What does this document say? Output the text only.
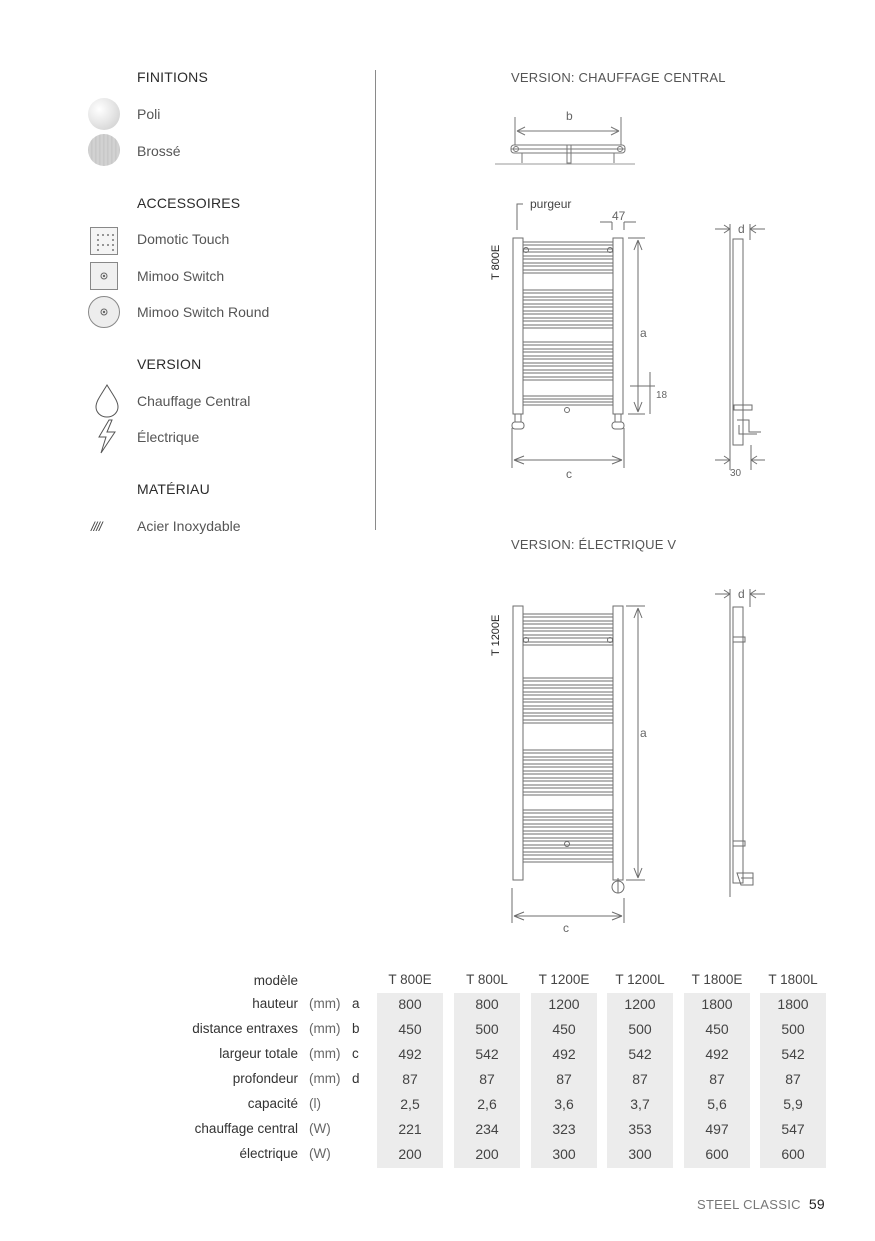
FINITIONS
Poli
Brossé
ACCESSOIRES
Domotic Touch
Mimoo Switch
Mimoo Switch Round
VERSION
Chauffage Central
Électrique
MATÉRIAU
////	Acier Inoxydable
VERSION: CHAUFFAGE CENTRAL
b
purgeur
47
T 800E
a
18
c
d
30
VERSION: ÉLECTRIQUE V
T 1200E
a
c
d
modèle	T 800E	T 800L	T 1200E	T 1200L	T 1800E	T 1800L
hauteur (mm) a	800	800	1200	1200	1800	1800
distance entraxes (mm) b	450	500	450	500	450	500
largeur totale (mm) c	492	542	492	542	492	542
profondeur (mm) d	87	87	87	87	87	87
capacité (l)	2,5	2,6	3,6	3,7	5,6	5,9
chauffage central (W)	221	234	323	353	497	547
électrique (W)	200	200	300	300	600	600
STEEL CLASSIC 59
